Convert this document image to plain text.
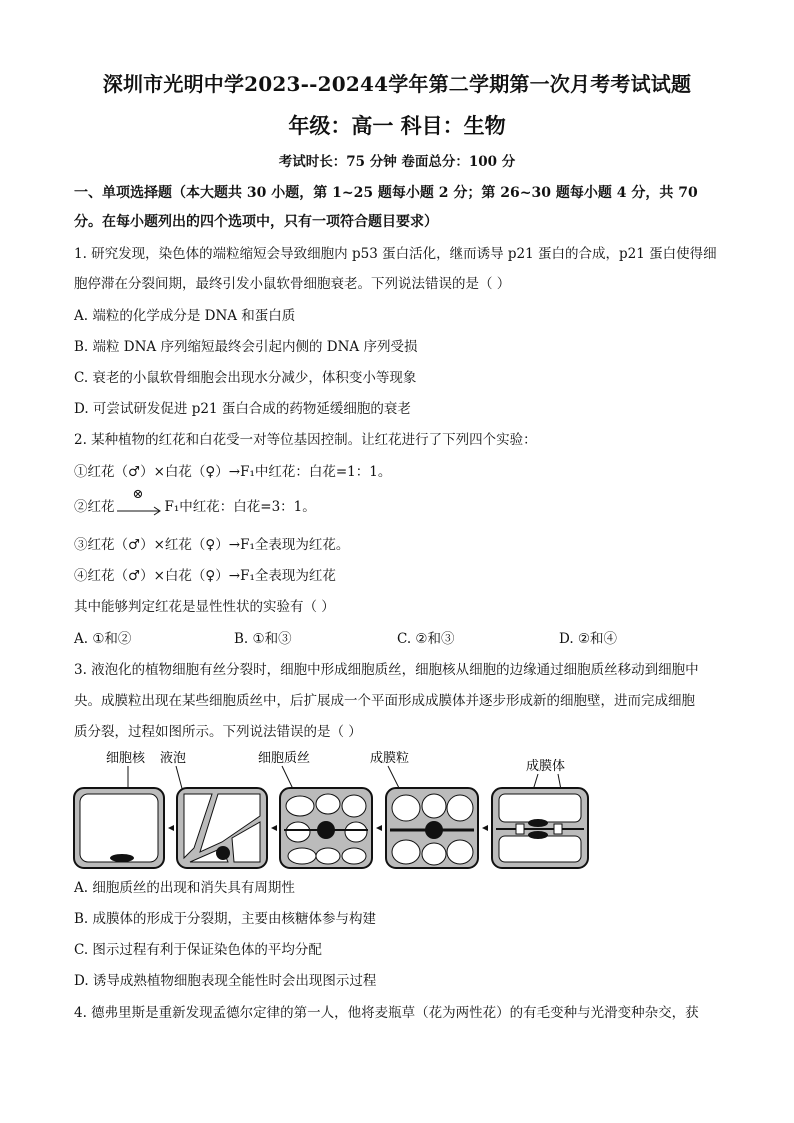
深圳市光明中学2023--20244学年第二学期第一次月考考试试题
年级：高一 科目：生物
考试时长：75 分钟 卷面总分：100 分
一、单项选择题（本大题共 30 小题，第 1~25 题每小题 2 分；第 26~30 题每小题 4 分，共 70
分。在每小题列出的四个选项中，只有一项符合题目要求）
1. 研究发现，染色体的端粒缩短会导致细胞内 p53 蛋白活化，继而诱导 p21 蛋白的合成，p21 蛋白使得细
胞停滞在分裂间期，最终引发小鼠软骨细胞衰老。下列说法错误的是（ ）
A. 端粒的化学成分是 DNA 和蛋白质
B. 端粒 DNA 序列缩短最终会引起内侧的 DNA 序列受损
C. 衰老的小鼠软骨细胞会出现水分减少，体积变小等现象
D. 可尝试研发促进 p21 蛋白合成的药物延缓细胞的衰老
2. 某种植物的红花和白花受一对等位基因控制。让红花进行了下列四个实验：
①红花（♂）×白花（♀）→F₁中红花：白花=1：1。
②红花
⊗
F₁中红花：白花=3：1。
③红花（♂）×红花（♀）→F₁全表现为红花。
④红花（♂）×白花（♀）→F₁全表现为红花
其中能够判定红花是显性性状的实验有（ ）
A. ①和②	B. ①和③	C. ②和③	D. ②和④
3. 液泡化的植物细胞有丝分裂时，细胞中形成细胞质丝，细胞核从细胞的边缘通过细胞质丝移动到细胞中
央。成膜粒出现在某些细胞质丝中，后扩展成一个平面形成成膜体并逐步形成新的细胞壁，进而完成细胞
质分裂，过程如图所示。下列说法错误的是（ ）
细胞核 液泡	细胞质丝	成膜粒
成膜体
A. 细胞质丝的出现和消失具有周期性
B. 成膜体的形成于分裂期，主要由核糖体参与构建
C. 图示过程有利于保证染色体的平均分配
D. 诱导成熟植物细胞表现全能性时会出现图示过程
4. 德弗里斯是重新发现孟德尔定律的第一人，他将麦瓶草（花为两性花）的有毛变种与光滑变种杂交，获
